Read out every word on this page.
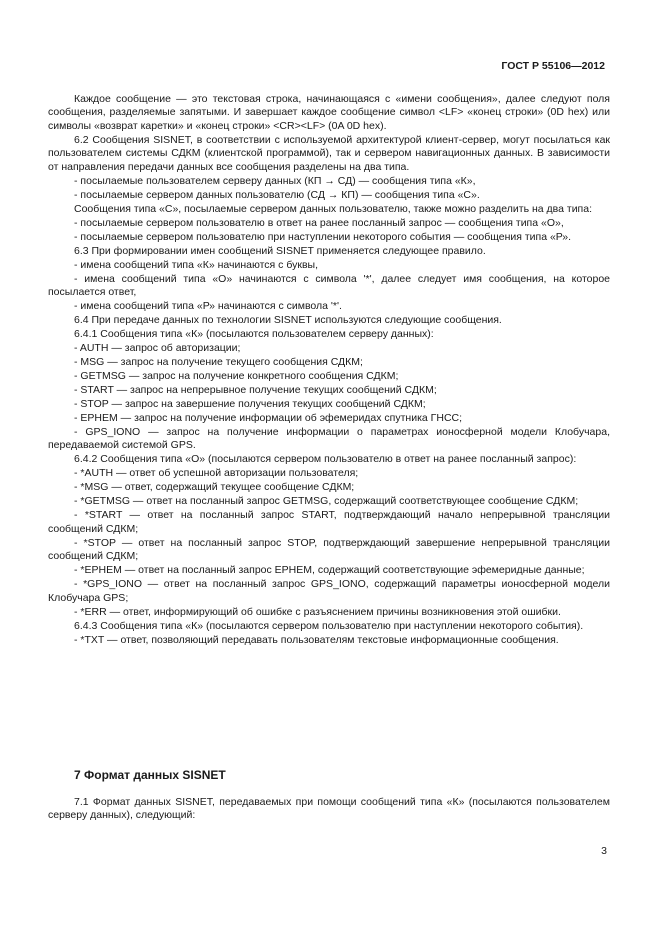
ГОСТ Р 55106—2012

Каждое сообщение — это текстовая строка, начинающаяся с «имени сообщения», далее следуют поля сообщения, разделяемые запятыми. И завершает каждое сообщение символ <LF> «конец строки» (0D hex) или символы «возврат каретки» и «конец строки» <CR><LF> (0A 0D hex).

6.2 Сообщения SISNET, в соответствии с используемой архитектурой клиент-сервер, могут посылаться как пользователем системы СДКМ (клиентской программой), так и сервером навигационных данных. В зависимости от направления передачи данных все сообщения разделены на два типа.

- посылаемые пользователем серверу данных (КП → СД) — сообщения типа «К»,

- посылаемые сервером данных пользователю (СД → КП) — сообщения типа «С».

Сообщения типа «С», посылаемые сервером данных пользователю, также можно разделить на два типа:

- посылаемые сервером пользователю в ответ на ранее посланный запрос — сообщения типа «О»,

- посылаемые сервером пользователю при наступлении некоторого события — сообщения типа «Р».

6.3 При формировании имен сообщений SISNET применяется следующее правило.

- имена сообщений типа «К» начинаются с буквы,

- имена сообщений типа «О» начинаются с символа '*', далее следует имя сообщения, на которое посылается ответ,

- имена сообщений типа «Р» начинаются с символа '*'.

6.4 При передаче данных по технологии SISNET используются следующие сообщения.

6.4.1 Сообщения типа «К» (посылаются пользователем серверу данных):

- AUTH — запрос об авторизации;

- MSG — запрос на получение текущего сообщения СДКМ;

- GETMSG — запрос на получение конкретного сообщения СДКМ;

- START — запрос на непрерывное получение текущих сообщений СДКМ;

- STOP — запрос на завершение получения текущих сообщений СДКМ;

- EPHEM — запрос на получение информации об эфемеридах спутника ГНСС;

- GPS_IONO — запрос на получение информации о параметрах ионосферной модели Клобучара, передаваемой системой GPS.

6.4.2 Сообщения типа «О» (посылаются сервером пользователю в ответ на ранее посланный запрос):

- *AUTH — ответ об успешной авторизации пользователя;

- *MSG — ответ, содержащий текущее сообщение СДКМ;

- *GETMSG — ответ на посланный запрос GETMSG, содержащий соответствующее сообщение СДКМ;

- *START — ответ на посланный запрос START, подтверждающий начало непрерывной трансляции сообщений СДКМ;

- *STOP — ответ на посланный запрос STOP, подтверждающий завершение непрерывной трансляции сообщений СДКМ;

- *EPHEM — ответ на посланный запрос EPHEM, содержащий соответствующие эфемеридные данные;

- *GPS_IONO — ответ на посланный запрос GPS_IONO, содержащий параметры ионосферной модели Клобучара GPS;

- *ERR — ответ, информирующий об ошибке с разъяснением причины возникновения этой ошибки.

6.4.3 Сообщения типа «К» (посылаются сервером пользователю при наступлении некоторого события).

- *TXT — ответ, позволяющий передавать пользователям текстовые информационные сообщения.

7 Формат данных SISNET

7.1 Формат данных SISNET, передаваемых при помощи сообщений типа «К» (посылаются пользователем серверу данных), следующий:

3
